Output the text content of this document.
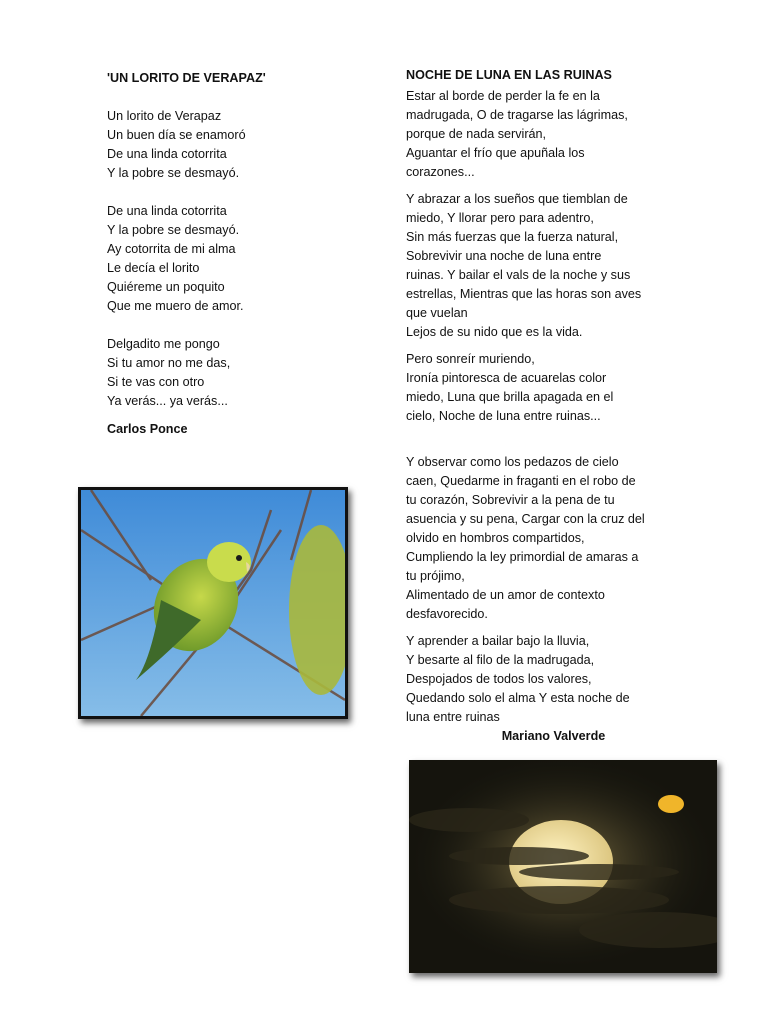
'UN LORITO DE VERAPAZ'
Un lorito de Verapaz
Un buen día se enamoró
De una linda cotorrita
Y la pobre se desmayó.
De una linda cotorrita
Y la pobre se desmayó.
Ay cotorrita de mi alma
Le decía el lorito
Quiéreme un poquito
Que me muero de amor.
Delgadito me pongo
Si tu amor no me das,
Si te vas con otro
Ya verás... ya verás...
Carlos Ponce
NOCHE DE LUNA EN LAS RUINAS
Estar al borde de perder la fe en la
madrugada, O de tragarse las lágrimas,
porque de nada servirán,
Aguantar el frío que apuñala los
corazones...
Y abrazar a los sueños que tiemblan de
miedo, Y llorar pero para adentro,
Sin más fuerzas que la fuerza natural,
Sobrevivir una noche de luna entre
ruinas. Y bailar el vals de la noche y sus
estrellas, Mientras que las horas son aves
que vuelan
Lejos de su nido que es la vida.
Pero sonreír muriendo,
Ironía pintoresca de acuarelas color
miedo, Luna que brilla apagada en el
cielo, Noche de luna entre ruinas...

Y observar como los pedazos de cielo
caen, Quedarme in fraganti en el robo de
tu corazón, Sobrevivir a la pena de tu
asuencia y su pena, Cargar con la cruz del
olvido en hombros compartidos,
Cumpliendo la ley primordial de amaras a
tu prójimo,
Alimentado de un amor de contexto
desfavorecido.
Y aprender a bailar bajo la lluvia,
Y besarte al filo de la madrugada,
Despojados de todos los valores,
Quedando solo el alma Y esta noche de
luna entre ruinas
Mariano Valverde
